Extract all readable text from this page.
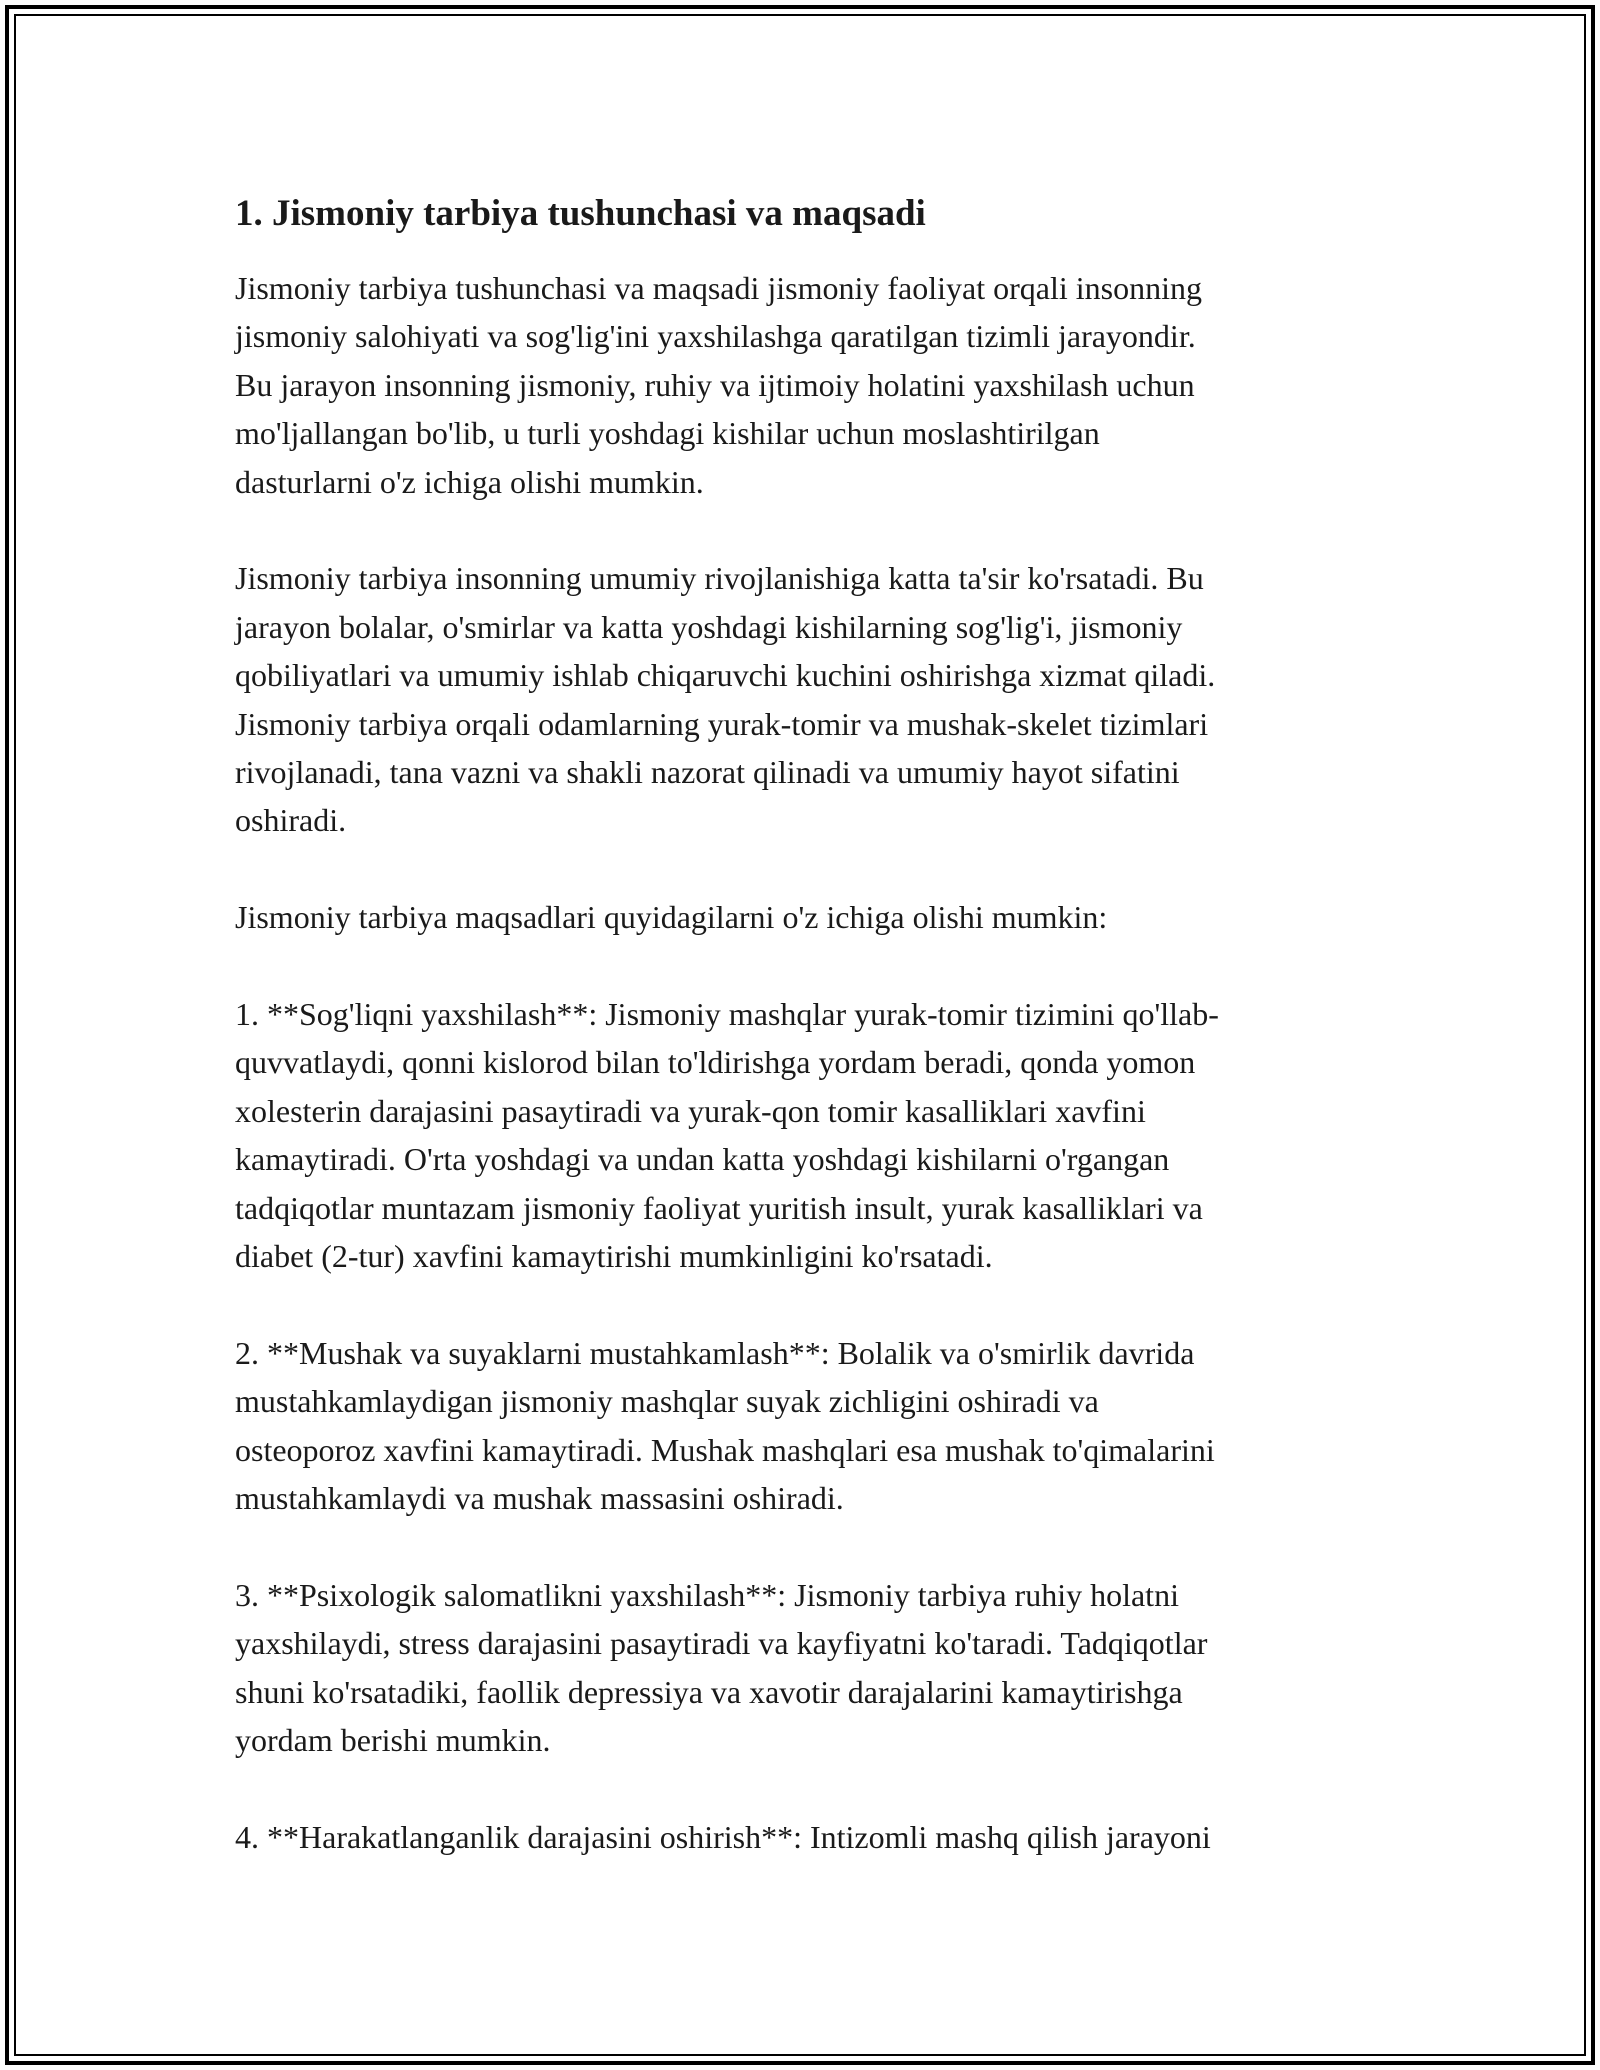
1. Jismoniy tarbiya tushunchasi va maqsadi

Jismoniy tarbiya tushunchasi va maqsadi jismoniy faoliyat orqali insonning
jismoniy salohiyati va sog'lig'ini yaxshilashga qaratilgan tizimli jarayondir.
Bu jarayon insonning jismoniy, ruhiy va ijtimoiy holatini yaxshilash uchun
mo'ljallangan bo'lib, u turli yoshdagi kishilar uchun moslashtirilgan
dasturlarni o'z ichiga olishi mumkin.

Jismoniy tarbiya insonning umumiy rivojlanishiga katta ta'sir ko'rsatadi. Bu
jarayon bolalar, o'smirlar va katta yoshdagi kishilarning sog'lig'i, jismoniy
qobiliyatlari va umumiy ishlab chiqaruvchi kuchini oshirishga xizmat qiladi.
Jismoniy tarbiya orqali odamlarning yurak-tomir va mushak-skelet tizimlari
rivojlanadi, tana vazni va shakli nazorat qilinadi va umumiy hayot sifatini
oshiradi.

Jismoniy tarbiya maqsadlari quyidagilarni o'z ichiga olishi mumkin:

1. **Sog'liqni yaxshilash**: Jismoniy mashqlar yurak-tomir tizimini qo'llab-
quvvatlaydi, qonni kislorod bilan to'ldirishga yordam beradi, qonda yomon
xolesterin darajasini pasaytiradi va yurak-qon tomir kasalliklari xavfini
kamaytiradi. O'rta yoshdagi va undan katta yoshdagi kishilarni o'rgangan
tadqiqotlar muntazam jismoniy faoliyat yuritish insult, yurak kasalliklari va
diabet (2-tur) xavfini kamaytirishi mumkinligini ko'rsatadi.

2. **Mushak va suyaklarni mustahkamlash**: Bolalik va o'smirlik davrida
mustahkamlaydigan jismoniy mashqlar suyak zichligini oshiradi va
osteoporoz xavfini kamaytiradi. Mushak mashqlari esa mushak to'qimalarini
mustahkamlaydi va mushak massasini oshiradi.

3. **Psixologik salomatlikni yaxshilash**: Jismoniy tarbiya ruhiy holatni
yaxshilaydi, stress darajasini pasaytiradi va kayfiyatni ko'taradi. Tadqiqotlar
shuni ko'rsatadiki, faollik depressiya va xavotir darajalarini kamaytirishga
yordam berishi mumkin.

4. **Harakatlanganlik darajasini oshirish**: Intizomli mashq qilish jarayoni
